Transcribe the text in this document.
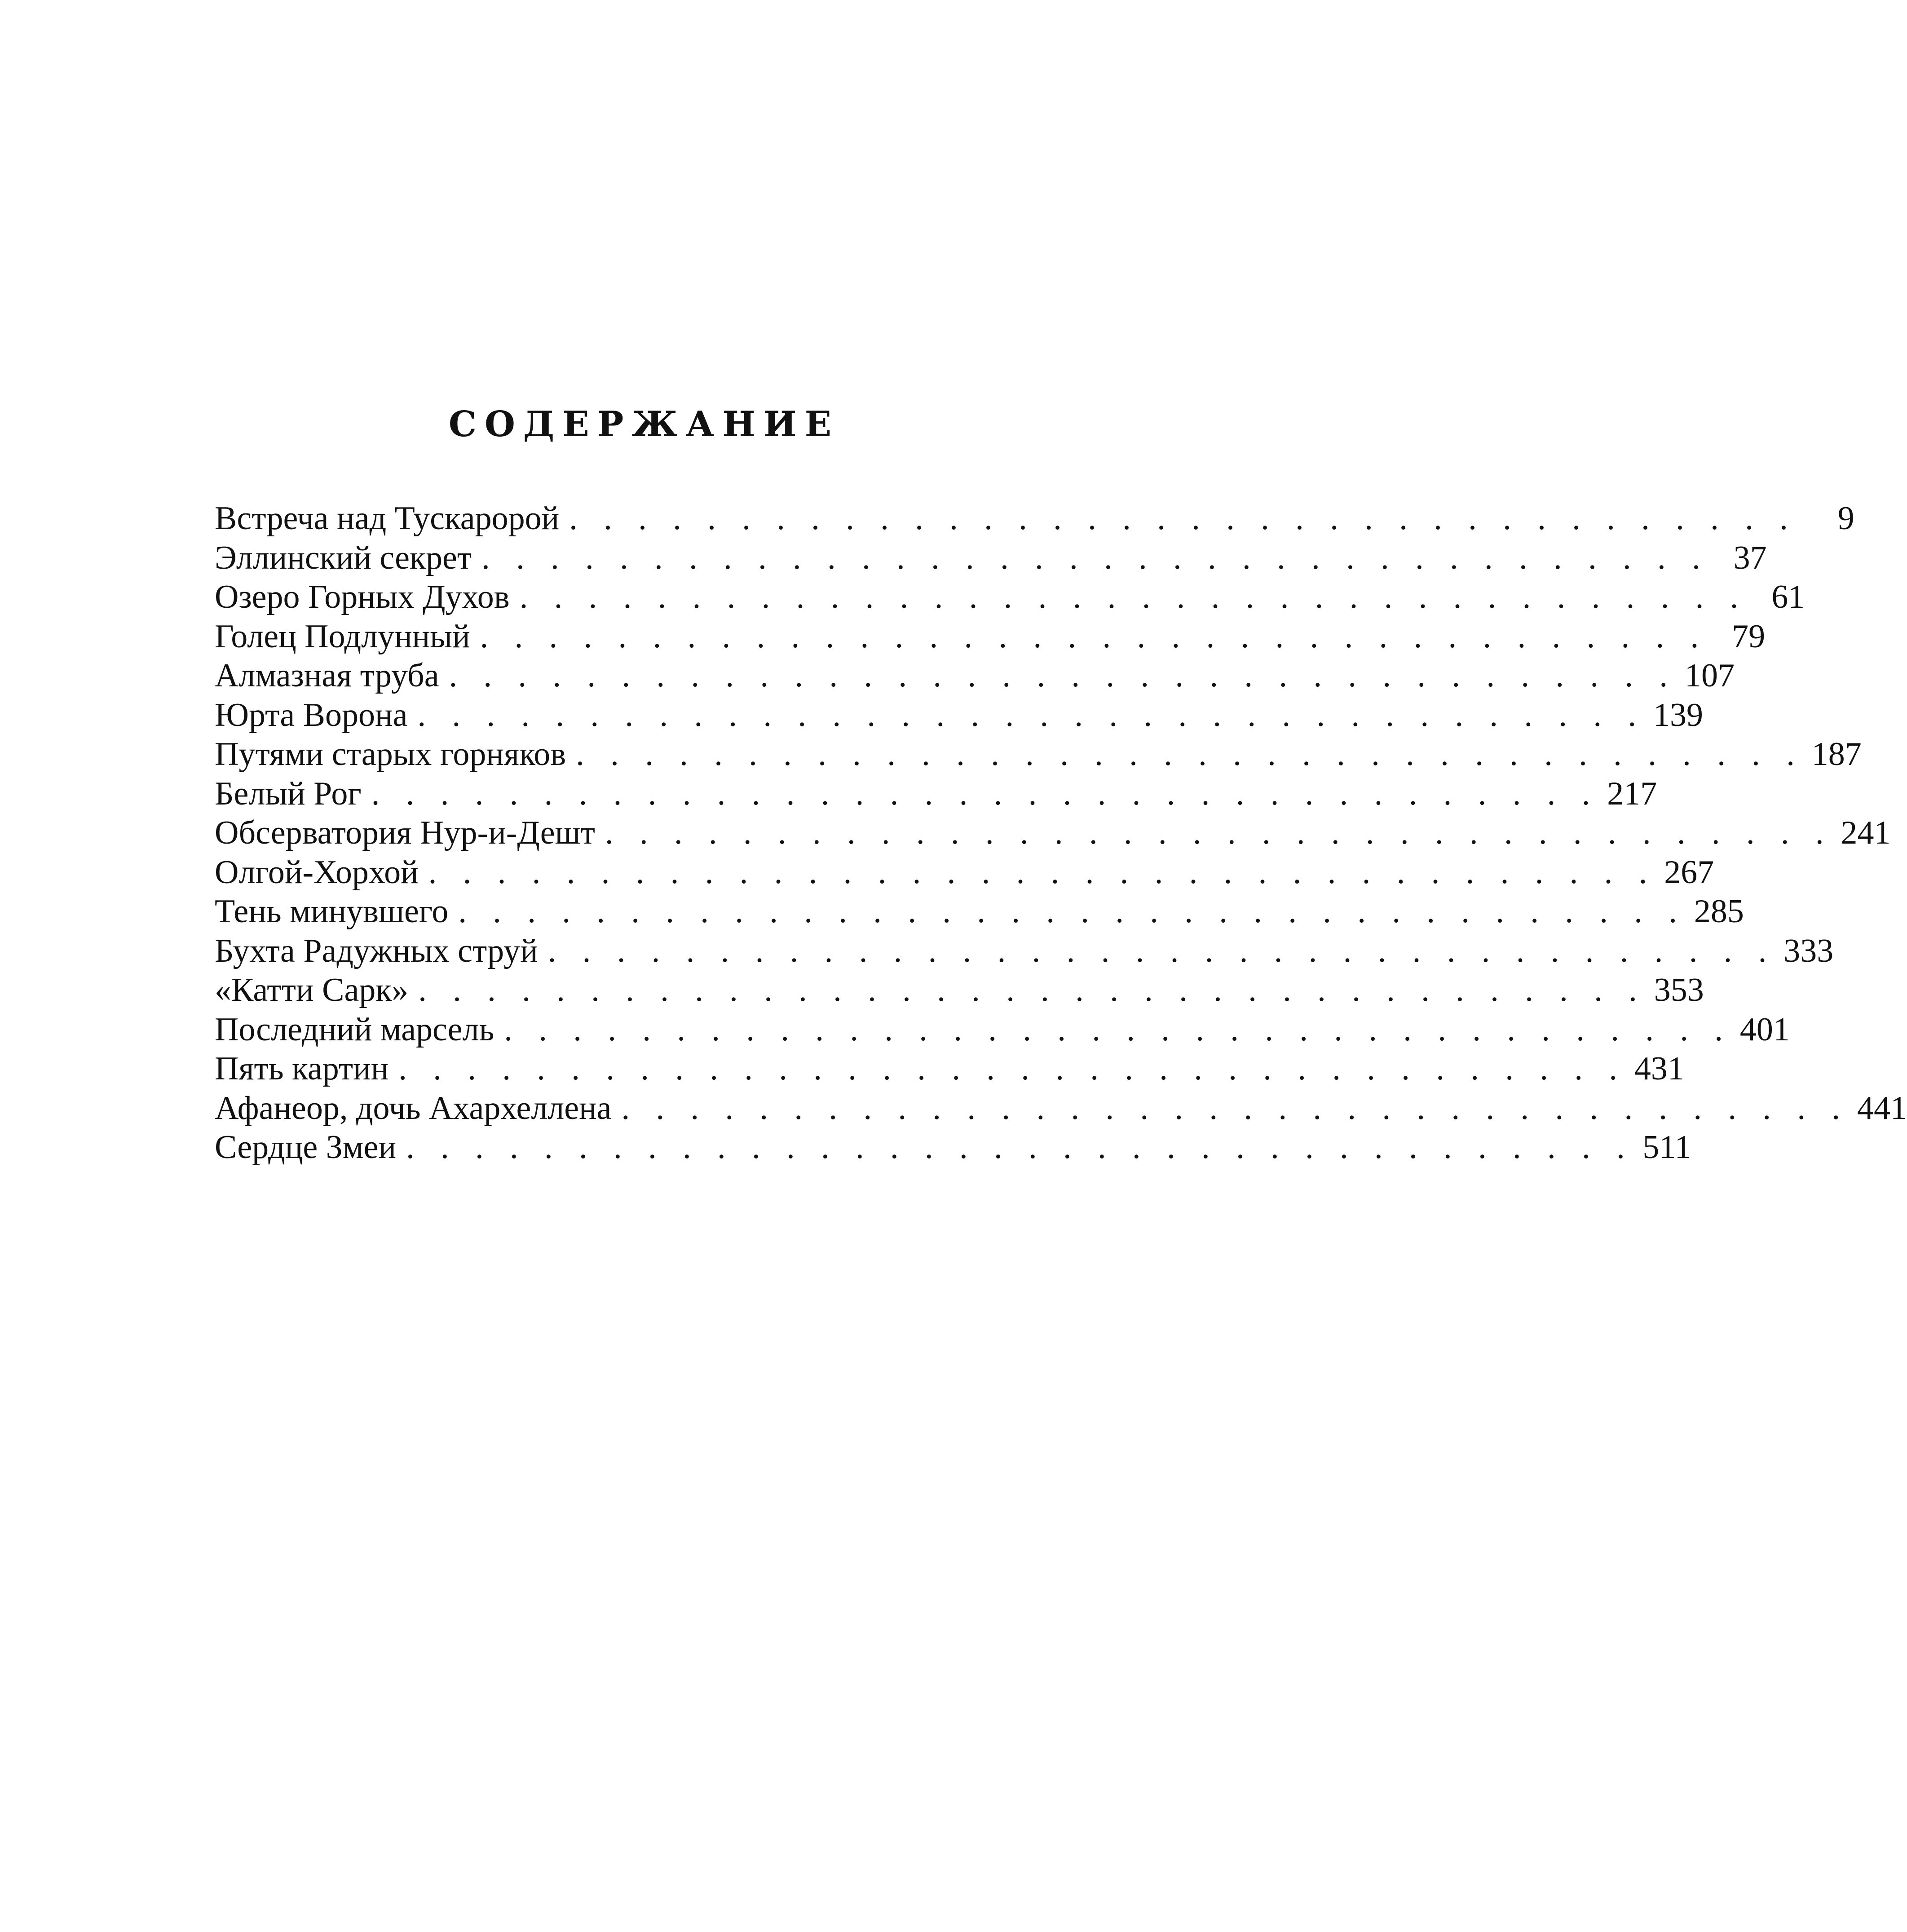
СОДЕРЖАНИЕ
Встреча над Тускаророй . . . . . . . . . . . . . . . . . . . . . . . . . . . . . . . . . . . .	9
Эллинский секрет . . . . . . . . . . . . . . . . . . . . . . . . . . . . . . . . . . . . 37
Озеро Горных Духов . . . . . . . . . . . . . . . . . . . . . . . . . . . . . . . . . . . . 61
Голец Подлунный . . . . . . . . . . . . . . . . . . . . . . . . . . . . . . . . . . . . 79
Алмазная труба . . . . . . . . . . . . . . . . . . . . . . . . . . . . . . . . . . . . 107
Юрта Ворона . . . . . . . . . . . . . . . . . . . . . . . . . . . . . . . . . . . . 139
Путями старых горняков . . . . . . . . . . . . . . . . . . . . . . . . . . . . . . . . . . . . 187
Белый Рог . . . . . . . . . . . . . . . . . . . . . . . . . . . . . . . . . . . . 217
Обсерватория Нур-и-Дешт . . . . . . . . . . . . . . . . . . . . . . . . . . . . . . . . . . . . 241
Олгой-Хорхой . . . . . . . . . . . . . . . . . . . . . . . . . . . . . . . . . . . . 267
Тень минувшего . . . . . . . . . . . . . . . . . . . . . . . . . . . . . . . . . . . . 285
Бухта Радужных струй . . . . . . . . . . . . . . . . . . . . . . . . . . . . . . . . . . . . 333
«Катти Сарк» . . . . . . . . . . . . . . . . . . . . . . . . . . . . . . . . . . . . 353
Последний марсель . . . . . . . . . . . . . . . . . . . . . . . . . . . . . . . . . . . . 401
Пять картин . . . . . . . . . . . . . . . . . . . . . . . . . . . . . . . . . . . . 431
Афанеор, дочь Ахархеллена . . . . . . . . . . . . . . . . . . . . . . . . . . . . . . . . . . . . 441
Сердце Змеи . . . . . . . . . . . . . . . . . . . . . . . . . . . . . . . . . . . . 511
